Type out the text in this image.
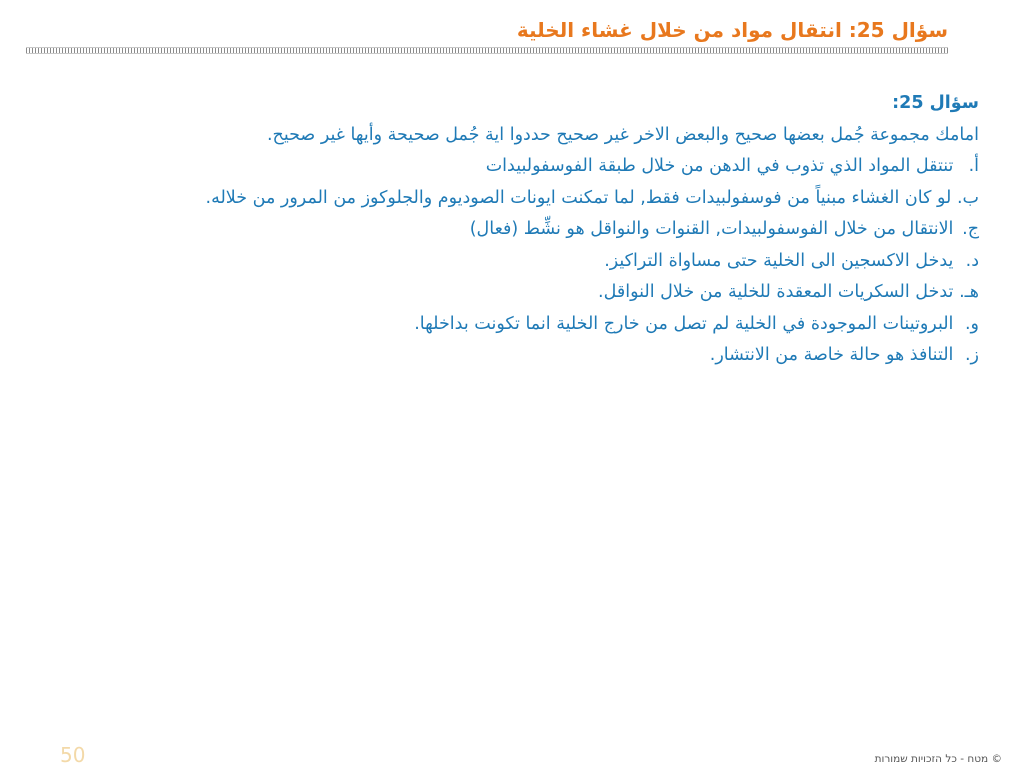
سؤال 25: انتقال مواد من خلال غشاء الخلية
سؤال 25:
امامك مجموعة جُمل بعضها صحيح والبعض الاخر غير صحيح حددوا اية جُمل صحيحة وأيها غير صحيح.
أ. تنتقل المواد الذي تذوب في الدهن من خلال طبقة الفوسفولبيدات
ب. لو كان الغشاء مبنياً من فوسفولبيدات فقط, لما تمكنت ايونات الصوديوم والجلوكوز من المرور من خلاله.
ج. الانتقال من خلال الفوسفولبيدات, القنوات والنواقل هو نشِّط (فعال)
د. يدخل الاكسجين الى الخلية حتى مساواة التراكيز.
هـ. تدخل السكريات المعقدة للخلية من خلال النواقل.
و. البروتينات الموجودة في الخلية لم تصل من خارج الخلية انما تكونت بداخلها.
ز. التنافذ هو حالة خاصة من الانتشار.
50	© מטח - כל הזכויות שמורות
